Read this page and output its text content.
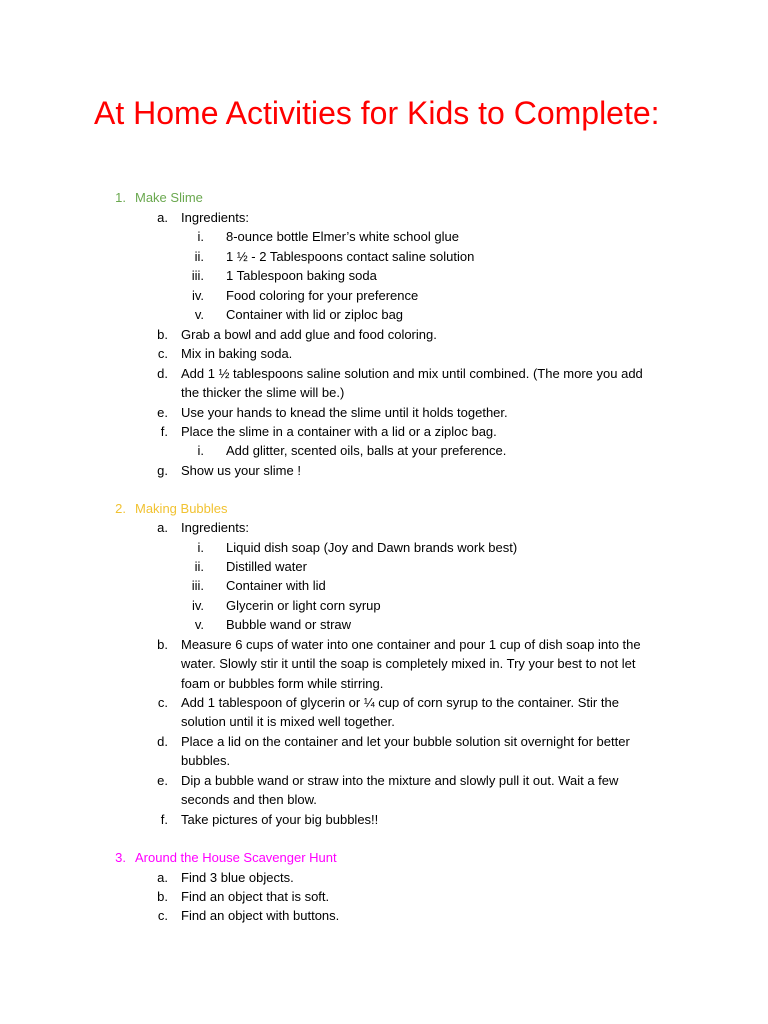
At Home Activities for Kids to Complete:
1. Make Slime
a. Ingredients:
i. 8-ounce bottle Elmer’s white school glue
ii. 1 ½ - 2 Tablespoons contact saline solution
iii. 1 Tablespoon baking soda
iv. Food coloring for your preference
v. Container with lid or ziploc bag
b. Grab a bowl and add glue and food coloring.
c. Mix in baking soda.
d. Add 1 ½ tablespoons saline solution and mix until combined. (The more you add
the thicker the slime will be.)
e. Use your hands to knead the slime until it holds together.
f. Place the slime in a container with a lid or a ziploc bag.
i. Add glitter, scented oils, balls at your preference.
g. Show us your slime !
2. Making Bubbles
a. Ingredients:
i. Liquid dish soap (Joy and Dawn brands work best)
ii. Distilled water
iii. Container with lid
iv. Glycerin or light corn syrup
v. Bubble wand or straw
b. Measure 6 cups of water into one container and pour 1 cup of dish soap into the
water. Slowly stir it until the soap is completely mixed in. Try your best to not let
foam or bubbles form while stirring.
c. Add 1 tablespoon of glycerin or ¼ cup of corn syrup to the container. Stir the
solution until it is mixed well together.
d. Place a lid on the container and let your bubble solution sit overnight for better
bubbles.
e. Dip a bubble wand or straw into the mixture and slowly pull it out. Wait a few
seconds and then blow.
f. Take pictures of your big bubbles!!
3. Around the House Scavenger Hunt
a. Find 3 blue objects.
b. Find an object that is soft.
c. Find an object with buttons.
